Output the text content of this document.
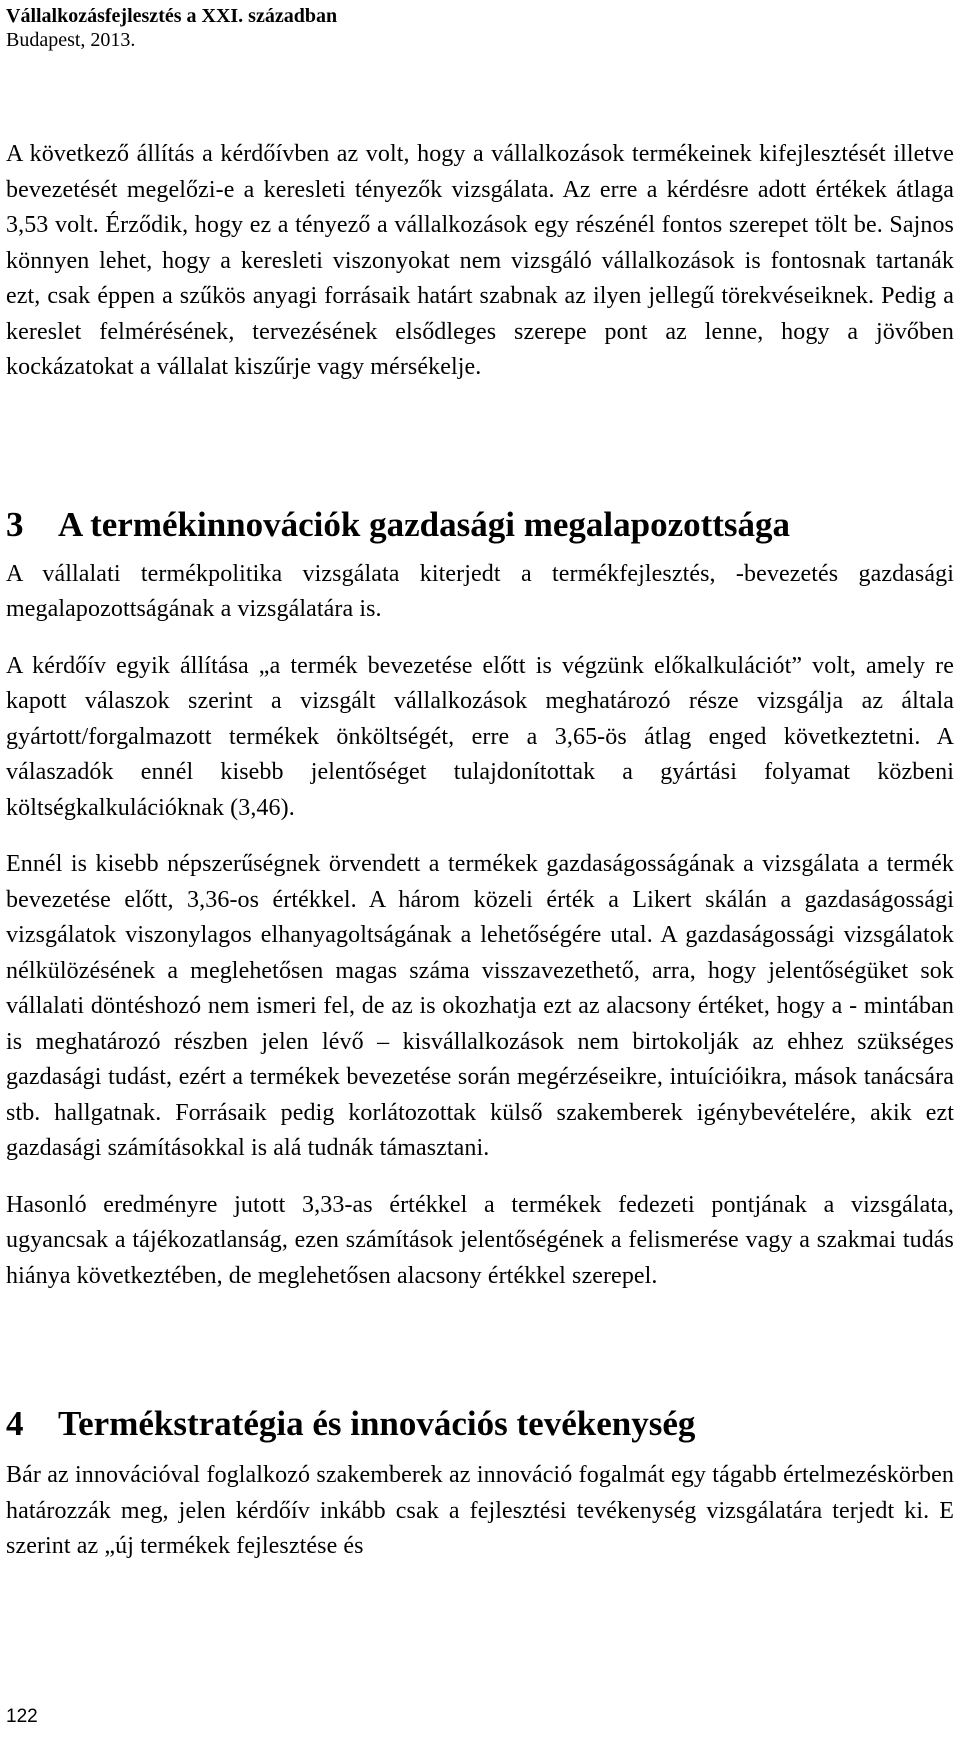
Vállalkozásfejlesztés a XXI. században
Budapest, 2013.

A következő állítás a kérdőívben az volt, hogy a vállalkozások termékeinek kifejlesztését illetve bevezetését megelőzi-e a keresleti tényezők vizsgálata. Az erre a kérdésre adott értékek átlaga 3,53 volt. Érződik, hogy ez a tényező a vállalkozások egy részénél fontos szerepet tölt be. Sajnos könnyen lehet, hogy a keresleti viszonyokat nem vizsgáló vállalkozások is fontosnak tartanák ezt, csak éppen a szűkös anyagi forrásaik határt szabnak az ilyen jellegű törekvéseiknek. Pedig a kereslet felmérésének, tervezésének elsődleges szerepe pont az lenne, hogy a jövőben kockázatokat a vállalat kiszűrje vagy mérsékelje.

3 A termékinnovációk gazdasági megalapozottsága

A vállalati termékpolitika vizsgálata kiterjedt a termékfejlesztés, -bevezetés gazdasági megalapozottságának a vizsgálatára is.

A kérdőív egyik állítása „a termék bevezetése előtt is végzünk előkalkulációt” volt, amely re kapott válaszok szerint a vizsgált vállalkozások meghatározó része vizsgálja az általa gyártott/forgalmazott termékek önköltségét, erre a 3,65-ös átlag enged következtetni. A válaszadók ennél kisebb jelentőséget tulajdonítottak a gyártási folyamat közbeni költségkalkulációknak (3,46).

Ennél is kisebb népszerűségnek örvendett a termékek gazdaságosságának a vizsgálata a termék bevezetése előtt, 3,36-os értékkel. A három közeli érték a Likert skálán a gazdaságossági vizsgálatok viszonylagos elhanyagoltságának a lehetőségére utal. A gazdaságossági vizsgálatok nélkülözésének a meglehetősen magas száma visszavezethető, arra, hogy jelentőségüket sok vállalati döntéshozó nem ismeri fel, de az is okozhatja ezt az alacsony értéket, hogy a - mintában is meghatározó részben jelen lévő – kisvállalkozások nem birtokolják az ehhez szükséges gazdasági tudást, ezért a termékek bevezetése során megérzéseikre, intuícióikra, mások tanácsára stb. hallgatnak. Forrásaik pedig korlátozottak külső szakemberek igénybevételére, akik ezt gazdasági számításokkal is alá tudnák támasztani.

Hasonló eredményre jutott 3,33-as értékkel a termékek fedezeti pontjának a vizsgálata, ugyancsak a tájékozatlanság, ezen számítások jelentőségének a felismerése vagy a szakmai tudás hiánya következtében, de meglehetősen alacsony értékkel szerepel.

4 Termékstratégia és innovációs tevékenység

Bár az innovációval foglalkozó szakemberek az innováció fogalmát egy tágabb értelmezéskörben határozzák meg, jelen kérdőív inkább csak a fejlesztési tevékenység vizsgálatára terjedt ki. E szerint az „új termékek fejlesztése és

122
